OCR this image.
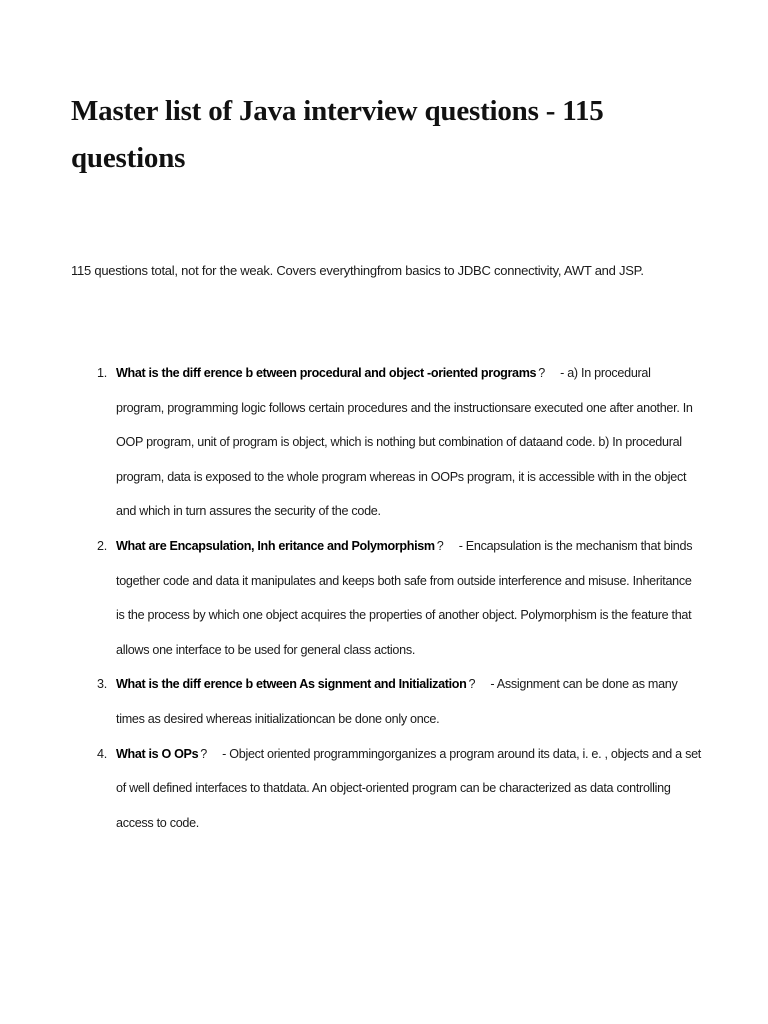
Master list of Java interview questions - 115 questions

115 questions total, not for the weak. Covers everythingfrom basics to JDBC connectivity, AWT and JSP.

1. What is the diff erence b etween procedural and object -oriented programs ? - a) In procedural program, programming logic follows certain procedures and the instructionsare executed one after another. In OOP program, unit of program is object, which is nothing but combination of dataand code. b) In procedural program, data is exposed to the whole program whereas in OOPs program, it is accessible with in the object and which in turn assures the security of the code.
2. What are Encapsulation, Inh eritance and Polymorphism ? - Encapsulation is the mechanism that binds together code and data it manipulates and keeps both safe from outside interference and misuse. Inheritance is the process by which one object acquires the properties of another object. Polymorphism is the feature that allows one interface to be used for general class actions.
3. What is the diff erence b etween As signment and Initialization ? - Assignment can be done as many times as desired whereas initializationcan be done only once.
4. What is O OPs ? - Object oriented programmingorganizes a program around its data, i. e. , objects and a set of well defined interfaces to thatdata. An object-oriented program can be characterized as data controlling access to code.
